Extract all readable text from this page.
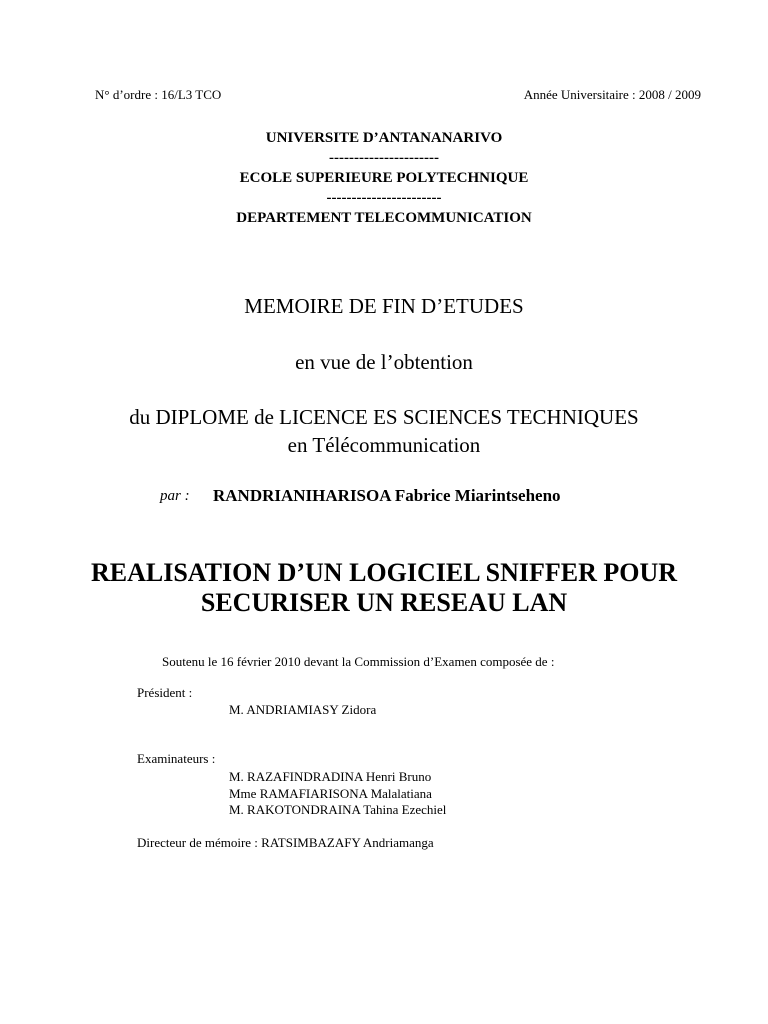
N° d’ordre : 16/L3 TCO	Année Universitaire : 2008 / 2009
UNIVERSITE D’ANTANANARIVO
----------------------
ECOLE SUPERIEURE POLYTECHNIQUE
-----------------------
DEPARTEMENT TELECOMMUNICATION
MEMOIRE DE FIN D’ETUDES
en vue de l’obtention
du DIPLOME de LICENCE ES SCIENCES TECHNIQUES
en Télécommunication
par : RANDRIANIHARISOA Fabrice Miarintseheno
REALISATION D’UN LOGICIEL SNIFFER POUR
SECURISER UN RESEAU LAN
Soutenu le 16 février 2010 devant la Commission d’Examen composée de :
Président :
M. ANDRIAMIASY Zidora
Examinateurs :
M. RAZAFINDRADINA Henri Bruno
Mme RAMAFIARISONA Malalatiana
M. RAKOTONDRAINA Tahina Ezechiel
Directeur de mémoire : RATSIMBAZAFY Andriamanga
